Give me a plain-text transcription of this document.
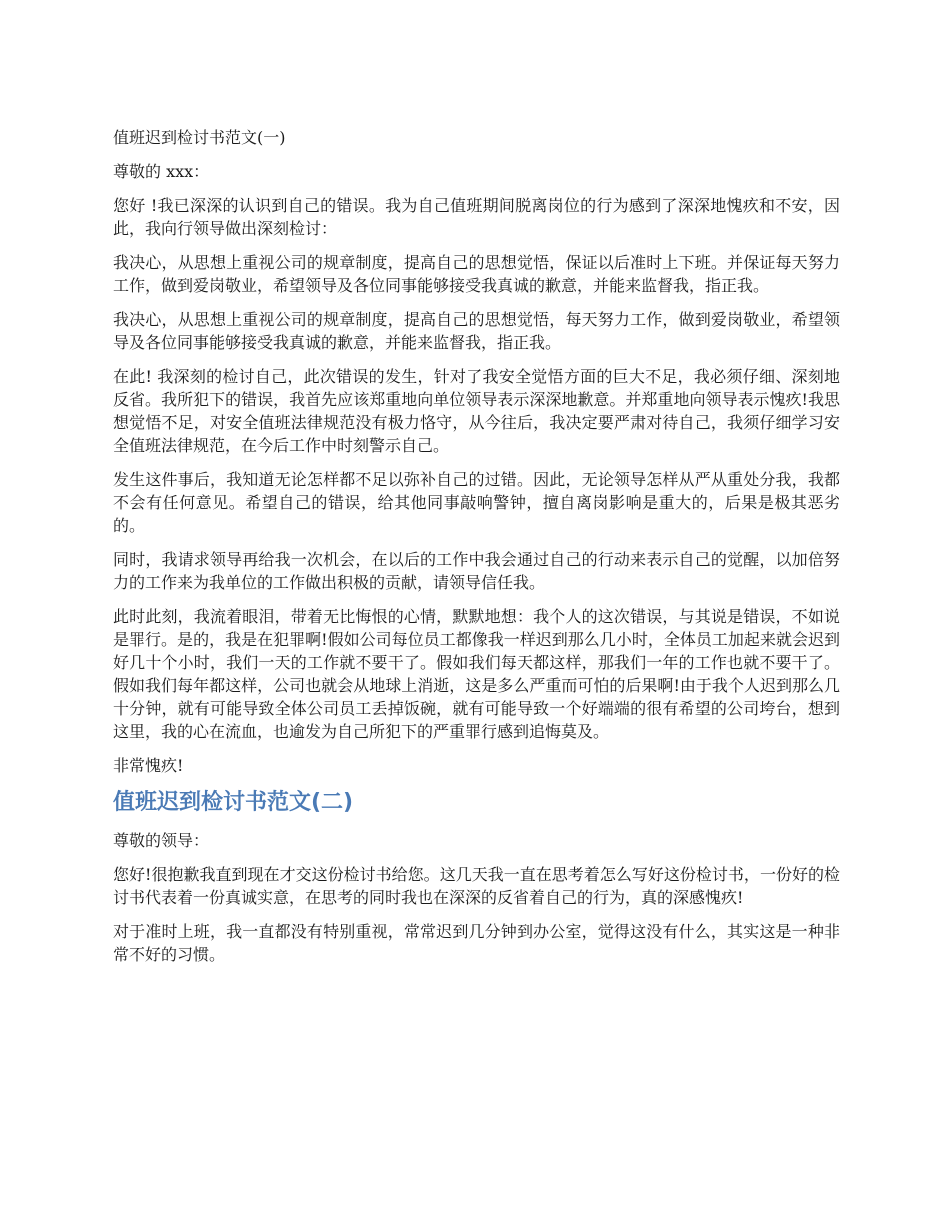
值班迟到检讨书范文(一)

尊敬的 xxx：

您好 !我已深深的认识到自己的错误。我为自己值班期间脱离岗位的行为感到了深深地愧疚和不安，因此，我向行领导做出深刻检讨：

我决心，从思想上重视公司的规章制度，提高自己的思想觉悟，保证以后准时上下班。并保证每天努力工作，做到爱岗敬业，希望领导及各位同事能够接受我真诚的歉意，并能来监督我，指正我。

我决心，从思想上重视公司的规章制度，提高自己的思想觉悟，每天努力工作，做到爱岗敬业，希望领导及各位同事能够接受我真诚的歉意，并能来监督我，指正我。

在此! 我深刻的检讨自己，此次错误的发生，针对了我安全觉悟方面的巨大不足，我必须仔细、深刻地反省。我所犯下的错误，我首先应该郑重地向单位领导表示深深地歉意。并郑重地向领导表示愧疚!我思想觉悟不足，对安全值班法律规范没有极力恪守，从今往后，我决定要严肃对待自己，我须仔细学习安全值班法律规范，在今后工作中时刻警示自己。

发生这件事后，我知道无论怎样都不足以弥补自己的过错。因此，无论领导怎样从严从重处分我，我都不会有任何意见。希望自己的错误，给其他同事敲响警钟，擅自离岗影响是重大的，后果是极其恶劣的。

同时，我请求领导再给我一次机会，在以后的工作中我会通过自己的行动来表示自己的觉醒，以加倍努力的工作来为我单位的工作做出积极的贡献，请领导信任我。

此时此刻，我流着眼泪，带着无比悔恨的心情，默默地想：我个人的这次错误，与其说是错误，不如说是罪行。是的，我是在犯罪啊!假如公司每位员工都像我一样迟到那么几小时，全体员工加起来就会迟到好几十个小时，我们一天的工作就不要干了。假如我们每天都这样，那我们一年的工作也就不要干了。假如我们每年都这样，公司也就会从地球上消逝，这是多么严重而可怕的后果啊!由于我个人迟到那么几十分钟，就有可能导致全体公司员工丢掉饭碗，就有可能导致一个好端端的很有希望的公司垮台，想到这里，我的心在流血，也逾发为自己所犯下的严重罪行感到追悔莫及。

非常愧疚!

值班迟到检讨书范文(二)

尊敬的领导：

您好!很抱歉我直到现在才交这份检讨书给您。这几天我一直在思考着怎么写好这份检讨书，一份好的检讨书代表着一份真诚实意，在思考的同时我也在深深的反省着自己的行为，真的深感愧疚!

对于准时上班，我一直都没有特别重视，常常迟到几分钟到办公室，觉得这没有什么，其实这是一种非常不好的习惯。
